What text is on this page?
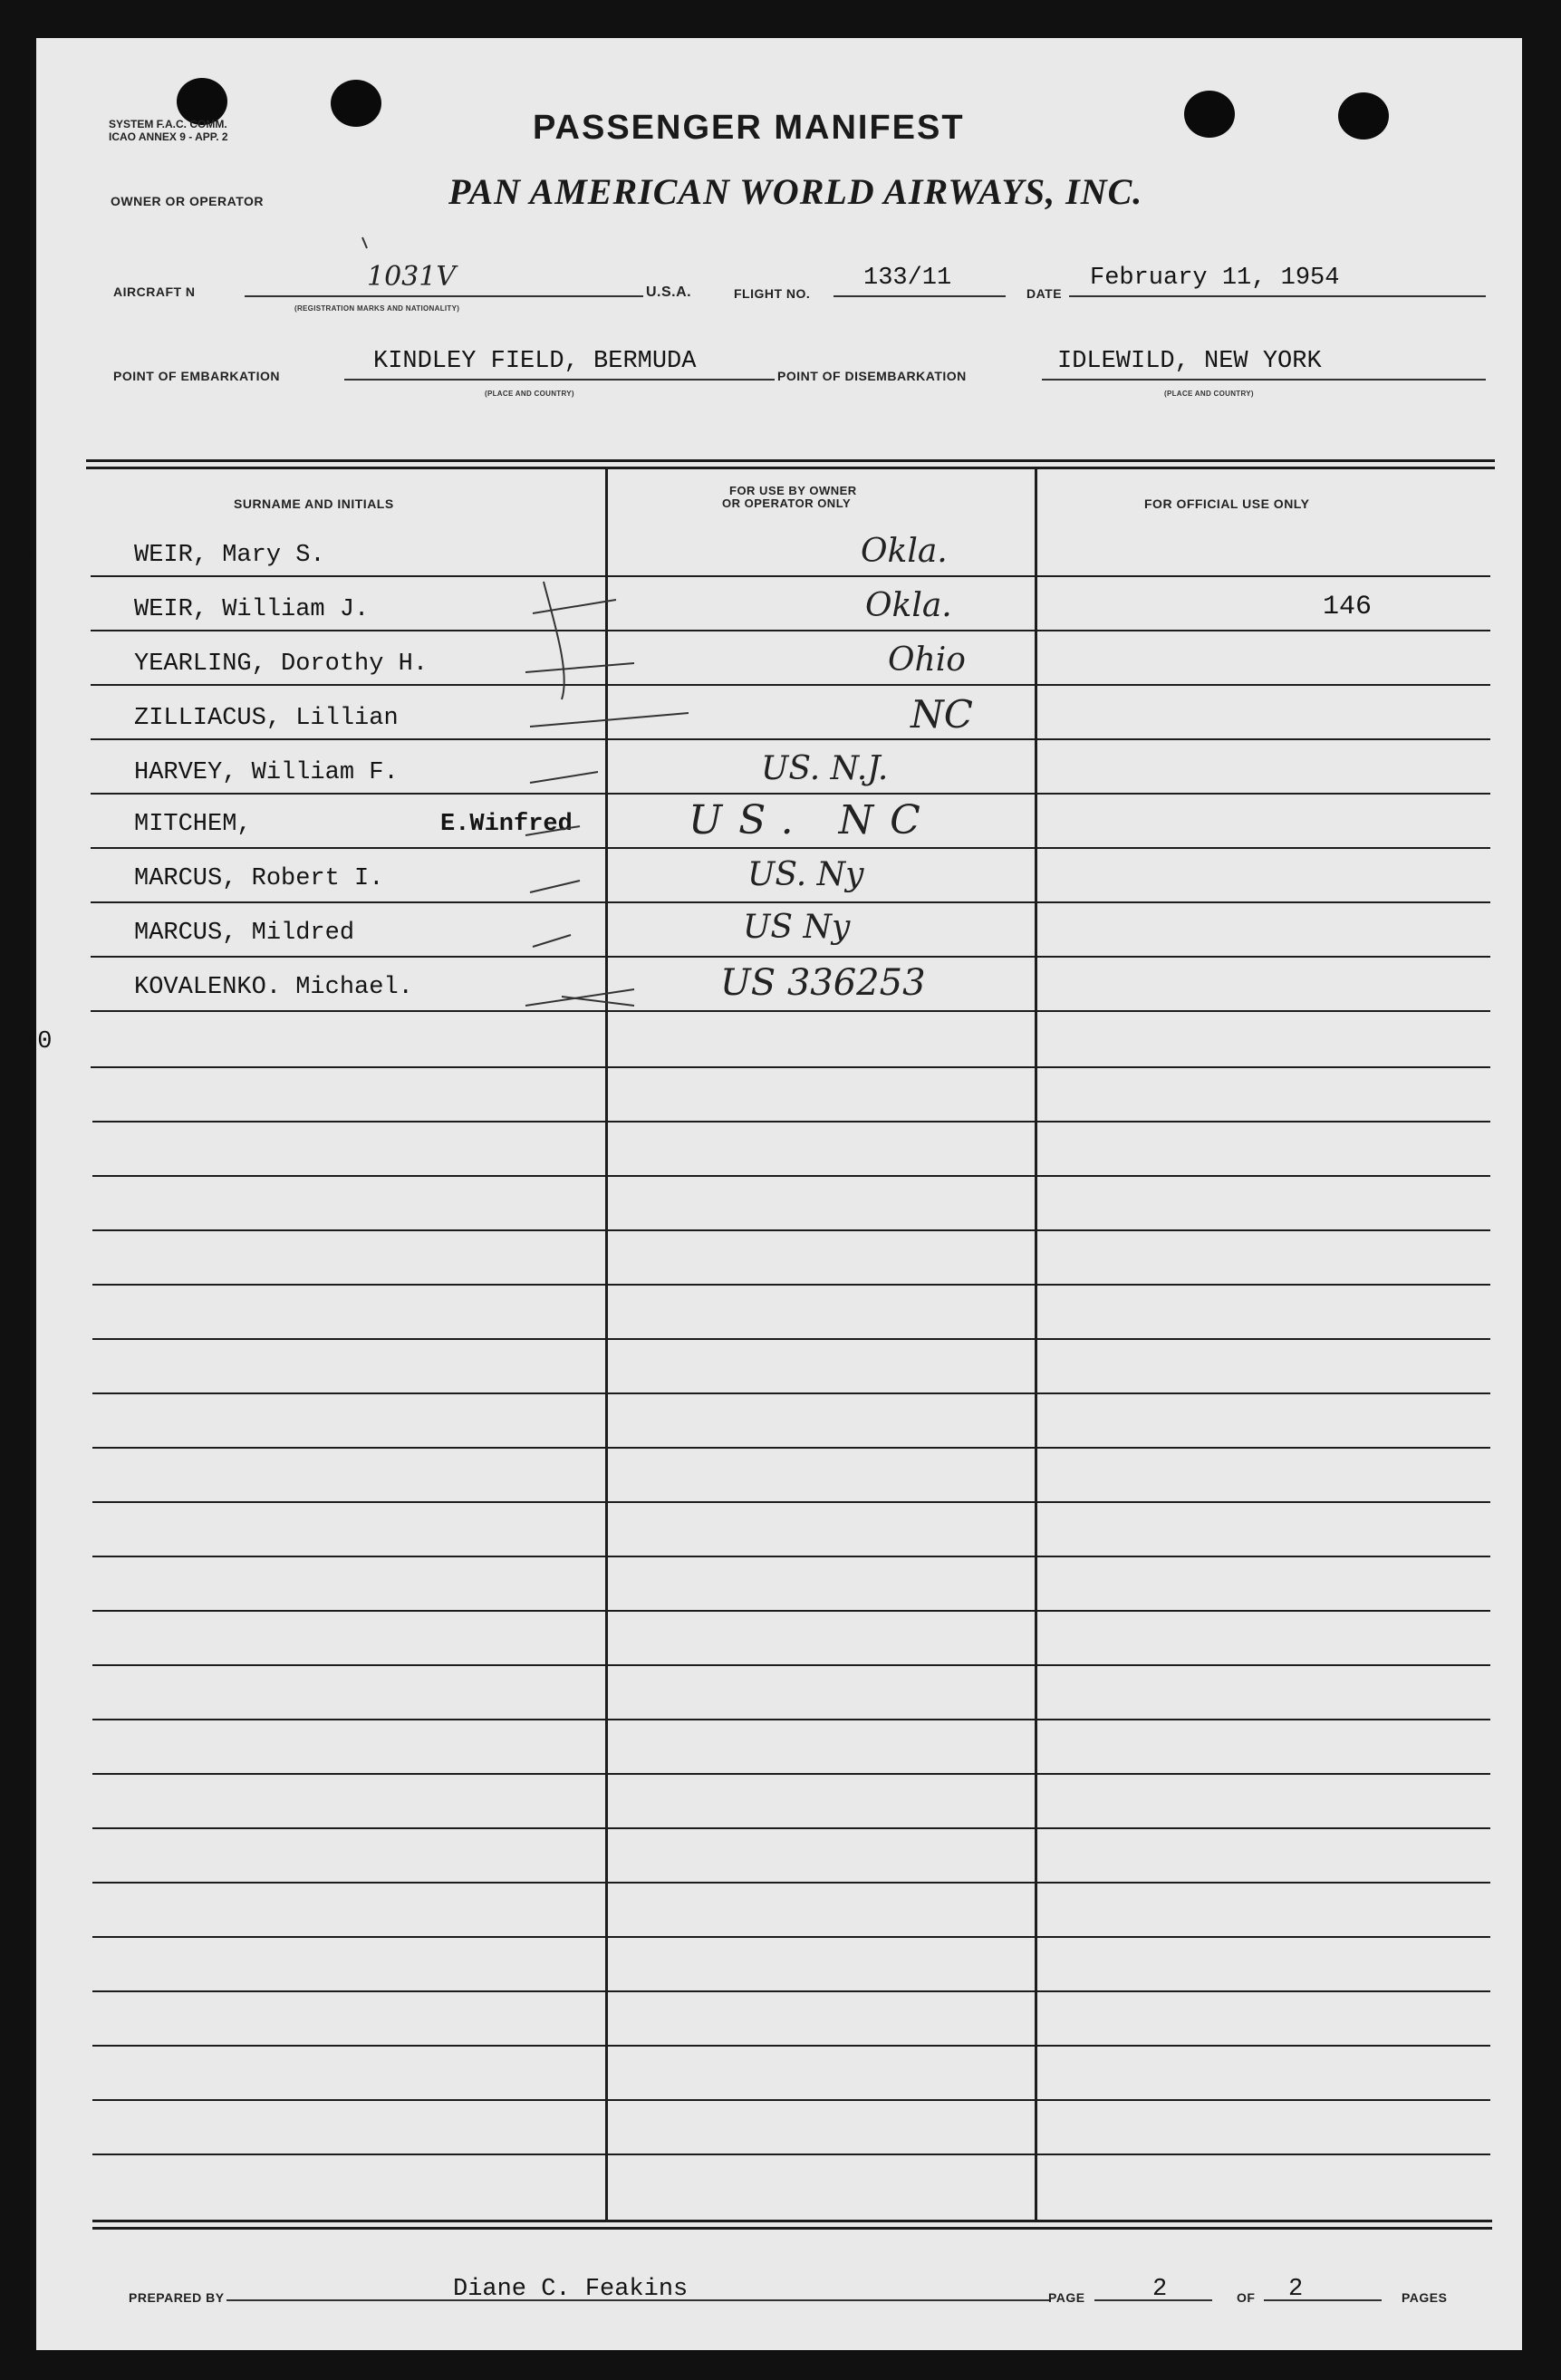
SYSTEM F.A.C. COMM.
ICAO ANNEX 9 - APP. 2	PASSENGER MANIFEST
OWNER OR OPERATOR	PAN AMERICAN WORLD AIRWAYS, INC.
AIRCRAFT N	1031V
(REGISTRATION MARKS AND NATIONALITY)
U.S.A.	FLIGHT NO.
133/11
DATE
February 11, 1954
POINT OF EMBARKATION
KINDLEY FIELD, BERMUDA
(PLACE AND COUNTRY)
POINT OF DISEMBARKATION
IDLEWILD, NEW YORK
(PLACE AND COUNTRY)
SURNAME AND INITIALS
FOR USE BY OWNER
OR OPERATOR ONLY	FOR OFFICIAL USE ONLY
1	WEIR, Mary S.	Okla.
2	WEIR, William J.	Okla.	146
3	YEARLING, Dorothy H.	Ohio
4	ZILLIACUS, Lillian	NC
5	HARVEY, William F.	US. N.J.
6	MITCHEM,	E.Winfred	US. NC
7	MARCUS, Robert I.	US. Ny
8	MARCUS, Mildred	US Ny
9	KOVALENKO. Michael.	US 336253
10
PREPARED BY	Diane C. Feakins	PAGE	2	OF 2	PAGES
